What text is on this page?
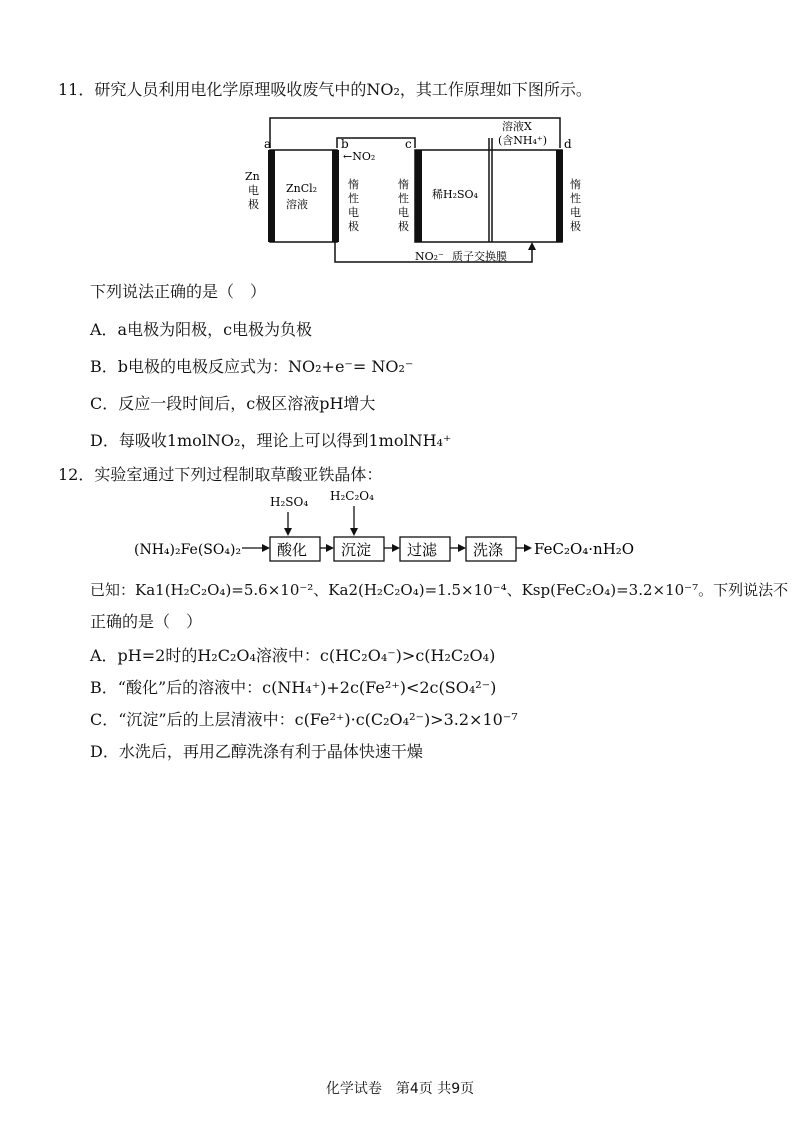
11．研究人员利用电化学原理吸收废气中的NO₂，其工作原理如下图所示。
a	b	c	d
Zn
电
极
ZnCl₂
溶液
←NO₂
惰
性
电
极
惰
性
电
极
惰
性
电
极
稀H₂SO₄
溶液X
(含NH₄⁺)
NO₂⁻ 质子交换膜
下列说法正确的是（　）
A．a电极为阳极，c电极为负极
B．b电极的电极反应式为：NO₂+e⁻= NO₂⁻
C．反应一段时间后，c极区溶液pH增大
D．每吸收1molNO₂，理论上可以得到1molNH₄⁺
12．实验室通过下列过程制取草酸亚铁晶体：
H₂SO₄ H₂C₂O₄
(NH₄)₂Fe(SO₄)₂ 酸化 沉淀 过滤 洗涤 FeC₂O₄·nH₂O
已知：Ka1(H₂C₂O₄)=5.6×10⁻²、Ka2(H₂C₂O₄)=1.5×10⁻⁴、Ksp(FeC₂O₄)=3.2×10⁻⁷。下列说法不
正确的是（　）
A．pH=2时的H₂C₂O₄溶液中：c(HC₂O₄⁻)>c(H₂C₂O₄)
B．“酸化”后的溶液中：c(NH₄⁺)+2c(Fe²⁺)<2c(SO₄²⁻)
C．“沉淀”后的上层清液中：c(Fe²⁺)·c(C₂O₄²⁻)>3.2×10⁻⁷
D．水洗后，再用乙醇洗涤有利于晶体快速干燥
化学试卷　第4页 共9页
